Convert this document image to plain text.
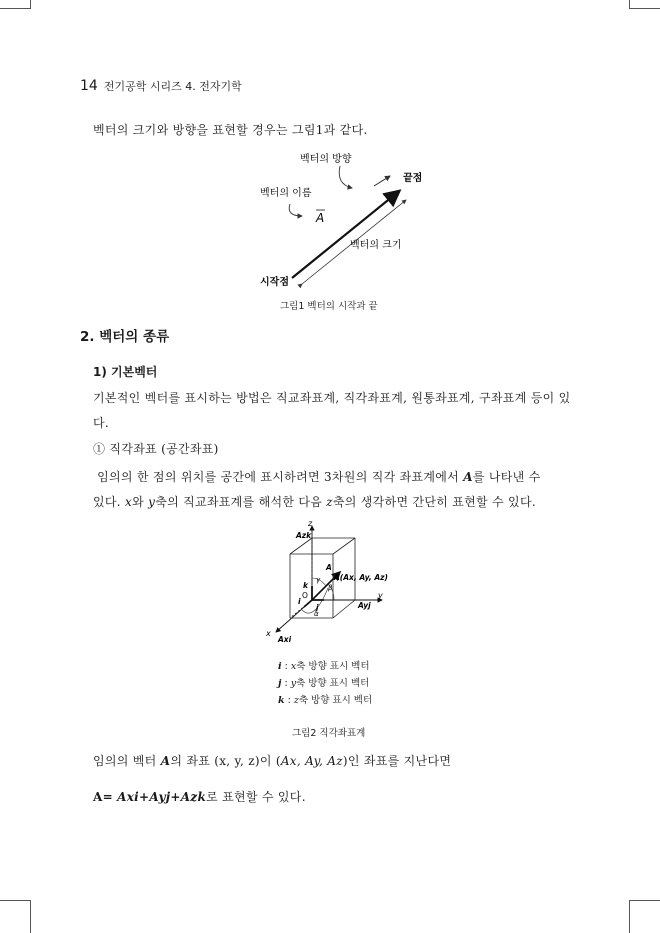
14 전기공학 시리즈 4. 전자기학
벡터의 크기와 방향을 표현할 경우는 그림1과 같다.
벡터의 방향
끝점
벡터의 이름
A
벡터의 크기
시작점
그림1 벡터의 시작과 끝
2. 벡터의 종류
1) 기본벡터
기본적인 벡터를 표시하는 방법은 직교좌표계, 직각좌표계, 원통좌표계, 구좌표계 등이 있다.
① 직각좌표 (공간좌표)
임의의 한 점의 위치를 공간에 표시하려면 3차원의 직각 좌표계에서 A를 나타낸 수
있다. x와 y축의 직교좌표계를 해석한 다음 z축의 생각하면 간단히 표현할 수 있다.
z
y
x
Azk
Ayj
Axi
A
A(Ax, Ay, Az)
k
i
j
O
γ
β
α
i : x축 방향 표시 벡터
j : y축 방향 표시 벡터
k : z축 방향 표시 벡터
그림2 직각좌표계
임의의 벡터 A의 좌표 (x, y, z)이 (Ax, Ay, Az)인 좌표를 지난다면
A= Axi+Ayj+Azk로 표현할 수 있다.
